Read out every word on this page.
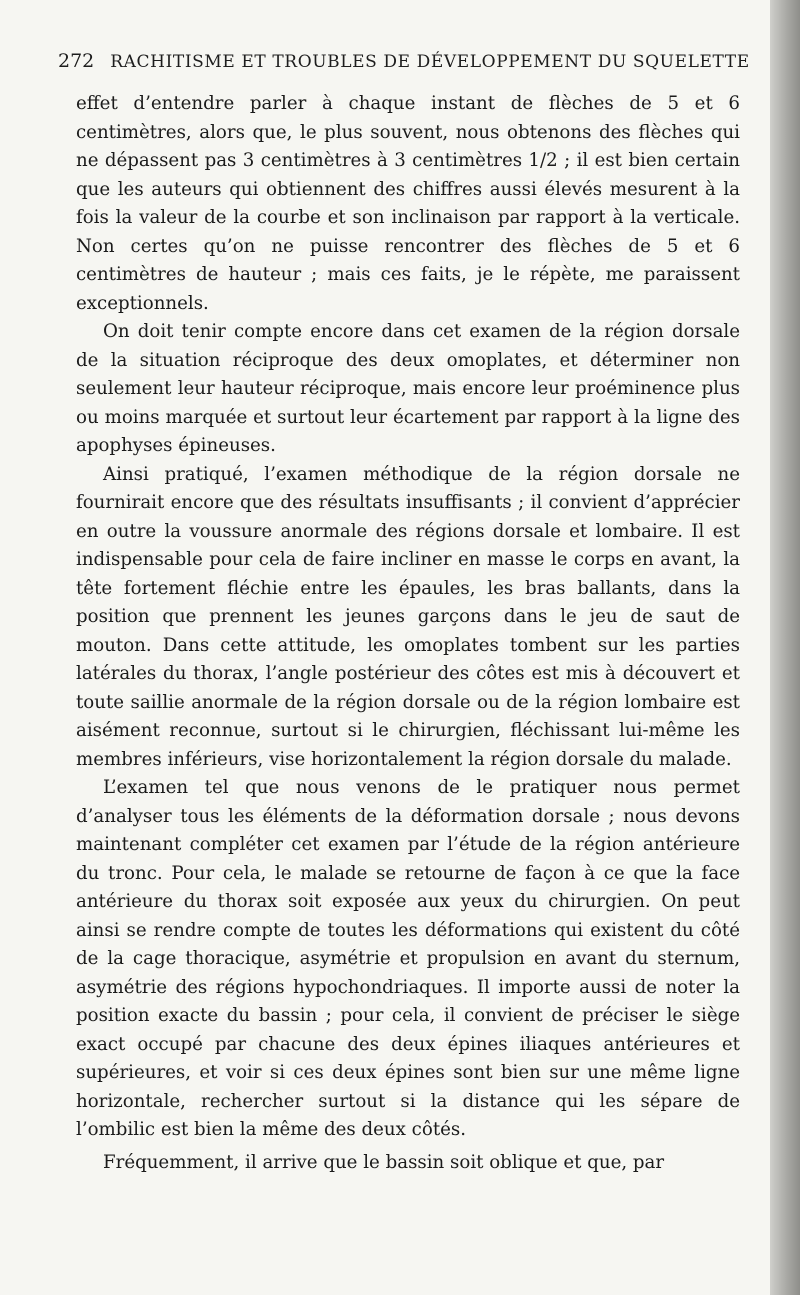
272 RACHITISME ET TROUBLES DE DÉVELOPPEMENT DU SQUELETTE

effet d’entendre parler à chaque instant de flèches de 5 et 6 centimètres, alors que, le plus souvent, nous obtenons des flèches qui ne dépassent pas 3 centimètres à 3 centimètres 1/2 ; il est bien certain que les auteurs qui obtiennent des chiffres aussi élevés mesurent à la fois la valeur de la courbe et son inclinaison par rapport à la verticale. Non certes qu’on ne puisse rencontrer des flèches de 5 et 6 centimètres de hauteur ; mais ces faits, je le répète, me paraissent exceptionnels.

On doit tenir compte encore dans cet examen de la région dorsale de la situation réciproque des deux omoplates, et déterminer non seulement leur hauteur réciproque, mais encore leur proéminence plus ou moins marquée et surtout leur écartement par rapport à la ligne des apophyses épineuses.

Ainsi pratiqué, l’examen méthodique de la région dorsale ne fournirait encore que des résultats insuffisants ; il convient d’apprécier en outre la voussure anormale des régions dorsale et lombaire. Il est indispensable pour cela de faire incliner en masse le corps en avant, la tête fortement fléchie entre les épaules, les bras ballants, dans la position que prennent les jeunes garçons dans le jeu de saut de mouton. Dans cette attitude, les omoplates tombent sur les parties latérales du thorax, l’angle postérieur des côtes est mis à découvert et toute saillie anormale de la région dorsale ou de la région lombaire est aisément reconnue, surtout si le chirurgien, fléchissant lui-même les membres inférieurs, vise horizontalement la région dorsale du malade.

L’examen tel que nous venons de le pratiquer nous permet d’analyser tous les éléments de la déformation dorsale ; nous devons maintenant compléter cet examen par l’étude de la région antérieure du tronc. Pour cela, le malade se retourne de façon à ce que la face antérieure du thorax soit exposée aux yeux du chirurgien. On peut ainsi se rendre compte de toutes les déformations qui existent du côté de la cage thoracique, asymétrie et propulsion en avant du sternum, asymétrie des régions hypochondriaques. Il importe aussi de noter la position exacte du bassin ; pour cela, il convient de préciser le siège exact occupé par chacune des deux épines iliaques antérieures et supérieures, et voir si ces deux épines sont bien sur une même ligne horizontale, rechercher surtout si la distance qui les sépare de l’ombilic est bien la même des deux côtés.

Fréquemment, il arrive que le bassin soit oblique et que, par
